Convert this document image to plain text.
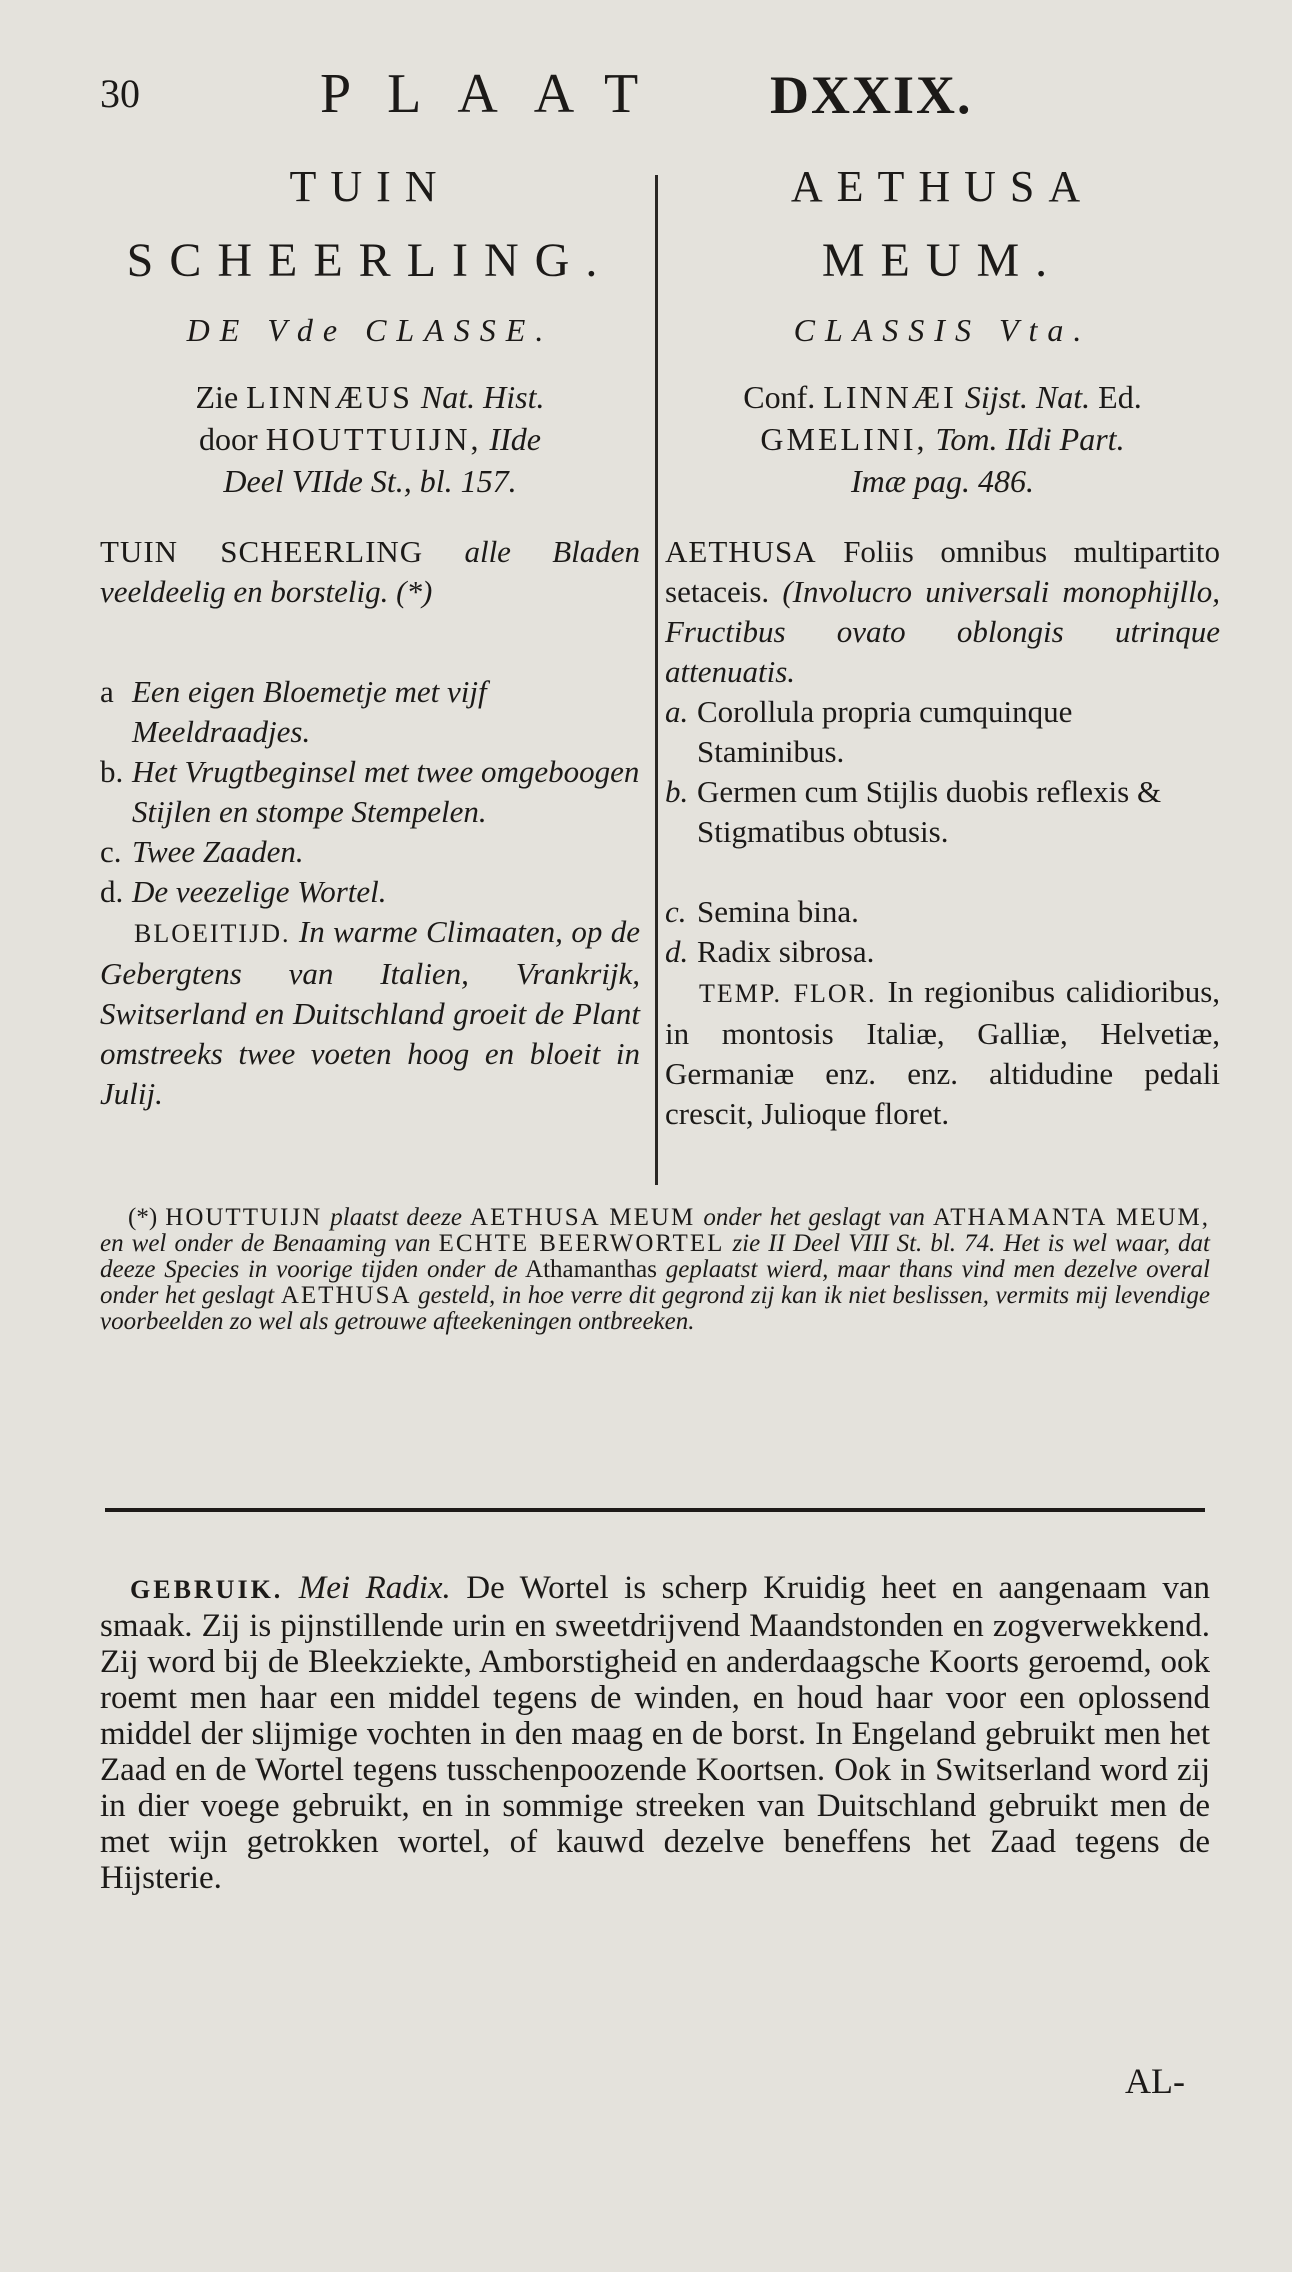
30	PLAAT DXXIX.
TUIN
SCHEERLING.
DE Vde CLASSE.
Zie LINNÆUS Nat. Hist.
door HOUTTUIJN, IIde
Deel VIIde St., bl. 157.
TUIN SCHEERLING alle Bladen veeldeelig en borstelig. (*)
a Een eigen Bloemetje met vijf Meeldraadjes.
b. Het Vrugtbeginsel met twee omgeboogen Stijlen en stompe Stempelen.
c. Twee Zaaden.
d. De veezelige Wortel.
BLOEITIJD. In warme Climaaten, op de Gebergtens van Italien, Vrankrijk, Switserland en Duitschland groeit de Plant omstreeks twee voeten hoog en bloeit in Julij.
AETHUSA
MEUM.
CLASSIS Vta.
Conf. LINNÆI Sijst. Nat. Ed.
GMELINI, Tom. IIdi Part.
Imæ pag. 486.
AETHUSA Foliis omnibus multipartito setaceis. (Involucro universali monophijllo, Fructibus ovato oblongis utrinque attenuatis.
a. Corollula propria cumquinque Staminibus.
b. Germen cum Stijlis duobis reflexis & Stigmatibus obtusis.
c. Semina bina.
d. Radix sibrosa.
TEMP. FLOR. In regionibus calidioribus, in montosis Italiæ, Galliæ, Helvetiæ, Germaniæ enz. enz. altidudine pedali crescit, Julioque floret.
(*) HOUTTUIJN plaatst deeze AETHUSA MEUM onder het geslagt van ATHAMANTA MEUM, en wel onder de Benaaming van ECHTE BEERWORTEL zie II Deel VIII St. bl. 74. Het is wel waar, dat deeze Species in voorige tijden onder de Athamanthas geplaatst wierd, maar thans vind men dezelve overal onder het geslagt AETHUSA gesteld, in hoe verre dit gegrond zij kan ik niet beslissen, vermits mij levendige voorbeelden zo wel als getrouwe afteekeningen ontbreeken.
GEBRUIK. Mei Radix. De Wortel is scherp Kruidig heet en aangenaam van smaak. Zij is pijnstillende urin en sweetdrijvend Maandstonden en zogverwekkend. Zij word bij de Bleekziekte, Amborstigheid en anderdaagsche Koorts geroemd, ook roemt men haar een middel tegens de winden, en houd haar voor een oplossend middel der slijmige vochten in den maag en de borst. In Engeland gebruikt men het Zaad en de Wortel tegens tusschenpoozende Koortsen. Ook in Switserland word zij in dier voege gebruikt, en in sommige streeken van Duitschland gebruikt men de met wijn getrokken wortel, of kauwd dezelve beneffens het Zaad tegens de Hijsterie.
AL-
